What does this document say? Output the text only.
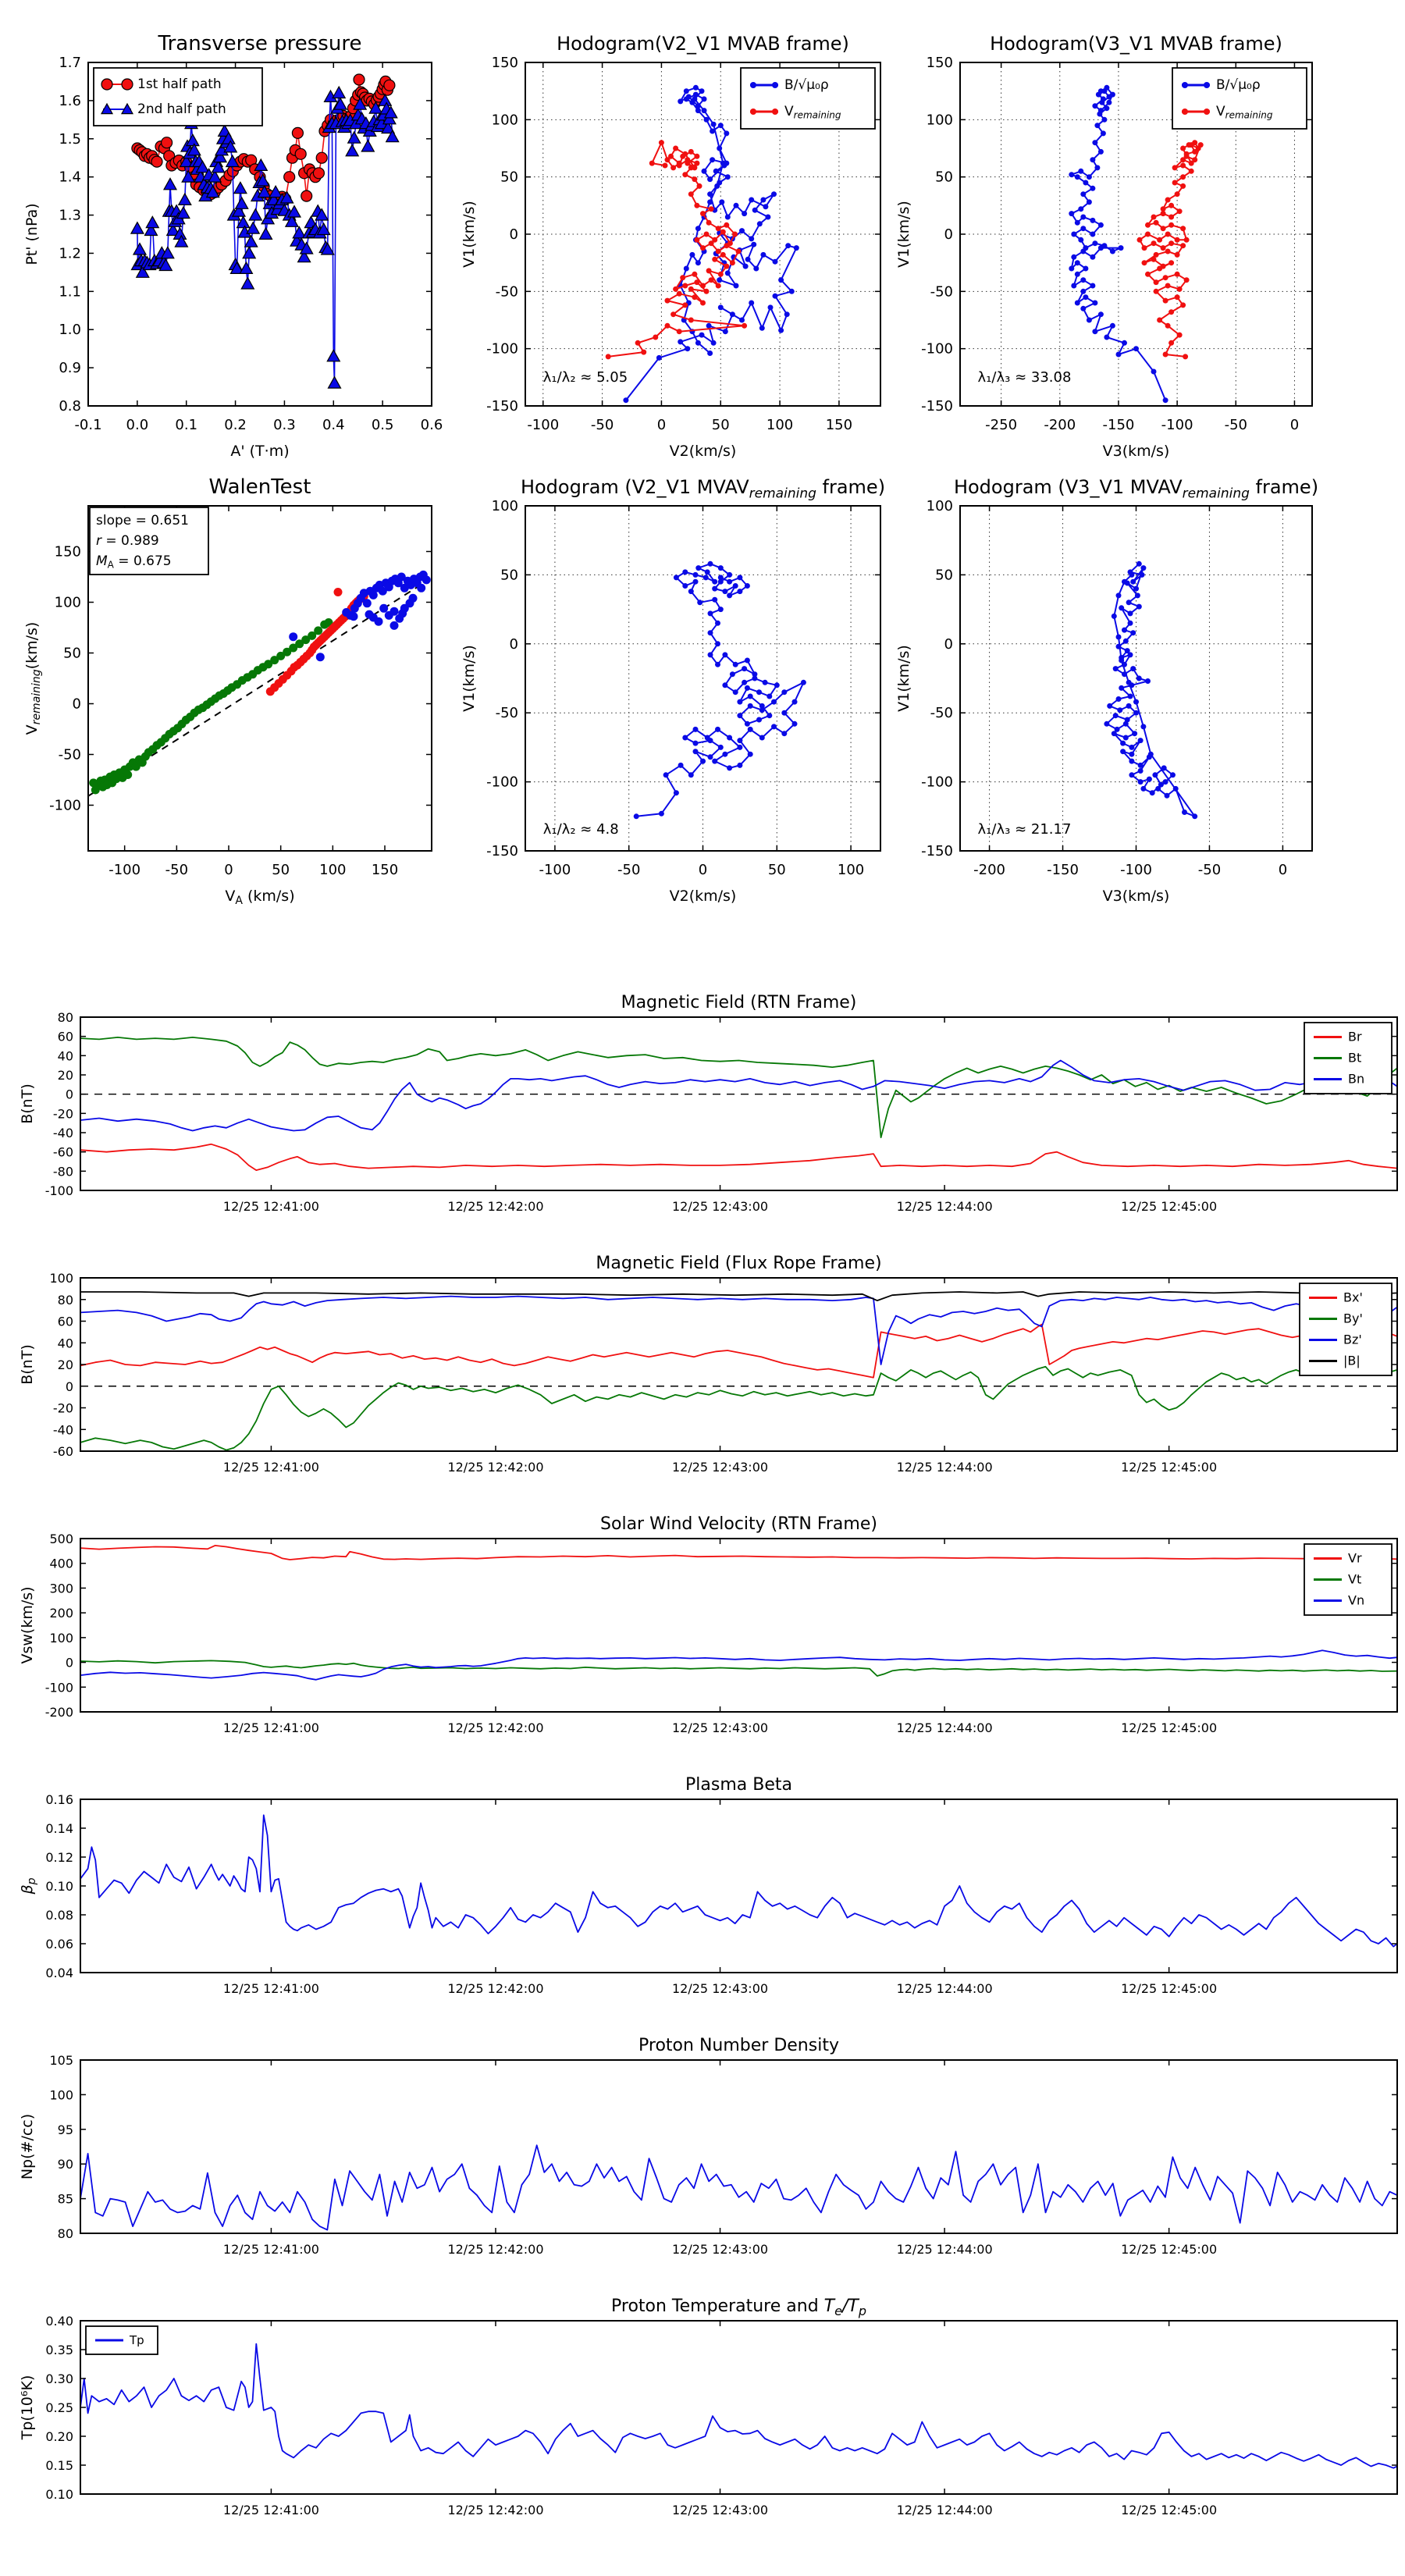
-0.1 0.0 0.1 0.2 0.3 0.4 0.5 0.6
0.8
0.9
1.0
1.1
1.2
1.3
1.4
1.5
1.6
1.7
1st half path
2nd half path
Transverse pressure
A' (T·m)
Pt' (nPa)
-100 -50	0	50	100 150
-150
-100
-50
0
50
100
150
λ₁/λ₂ ≈ 5.05
B/√μ₀ρ
$V_{remaining}$
Hodogram(V2_V1 MVAB frame)
V2(km/s)
V1(km/s)
-250 -200 -150 -100 -50	0
-150
-100
-50
0
50
100
150
λ₁/λ₃ ≈ 33.08
B/√μ₀ρ
$V_{remaining}$
Hodogram(V3_V1 MVAB frame)
V3(km/s)
V1(km/s)
-100 -50	0	50 100 150
-100
-50
0
50
100
150
slope = 0.651
r = 0.989
$M_A = 0.675$
WalenTest
$V_A$ (km/s)
$V_{remaining}(km/s)$
-100	-50	0	50	100
-150
-100
-50
0
50
100
λ₁/λ₂ ≈ 4.8
Hodogram (V2_V1 $MVAV_{remaining}$ frame)
V2(km/s)
V1(km/s)
-200	-150	-100	-50	0
-150
-100
-50
0
50
100
λ₁/λ₃ ≈ 21.17
Hodogram (V3_V1 $MVAV_{remaining}$ frame)
V3(km/s)
V1(km/s)
12/25 12:41:00	12/25 12:42:00	12/25 12:43:00	12/25 12:44:00	12/25 12:45:00
-100
-80
-60
-40
-20
0
20
40
60
80
Br
Bt
Bn
Magnetic Field (RTN Frame)
B(nT)
12/25 12:41:00	12/25 12:42:00	12/25 12:43:00	12/25 12:44:00	12/25 12:45:00
-60
-40
-20
0
20
40
60
80
100
Bx'
By'
Bz'
|B|
Magnetic Field (Flux Rope Frame)
B(nT)
12/25 12:41:00	12/25 12:42:00	12/25 12:43:00	12/25 12:44:00	12/25 12:45:00
-200
-100
0
100
200
300
400
500
Vr
Vt
Vn
Solar Wind Velocity (RTN Frame)
Vsw(km/s)
12/25 12:41:00	12/25 12:42:00	12/25 12:43:00	12/25 12:44:00	12/25 12:45:00
0.04
0.06
0.08
0.10
0.12
0.14
0.16
Plasma Beta
$\beta_p$
12/25 12:41:00	12/25 12:42:00	12/25 12:43:00	12/25 12:44:00	12/25 12:45:00
80
85
90
95
100
105
Proton Number Density
Np(#/cc)
12/25 12:41:00	12/25 12:42:00	12/25 12:43:00	12/25 12:44:00	12/25 12:45:00
0.10
0.15
0.20
0.25
0.30
0.35
0.40
Tp
Proton Temperature and $T_e/T_p$
Tp(10⁶K)
